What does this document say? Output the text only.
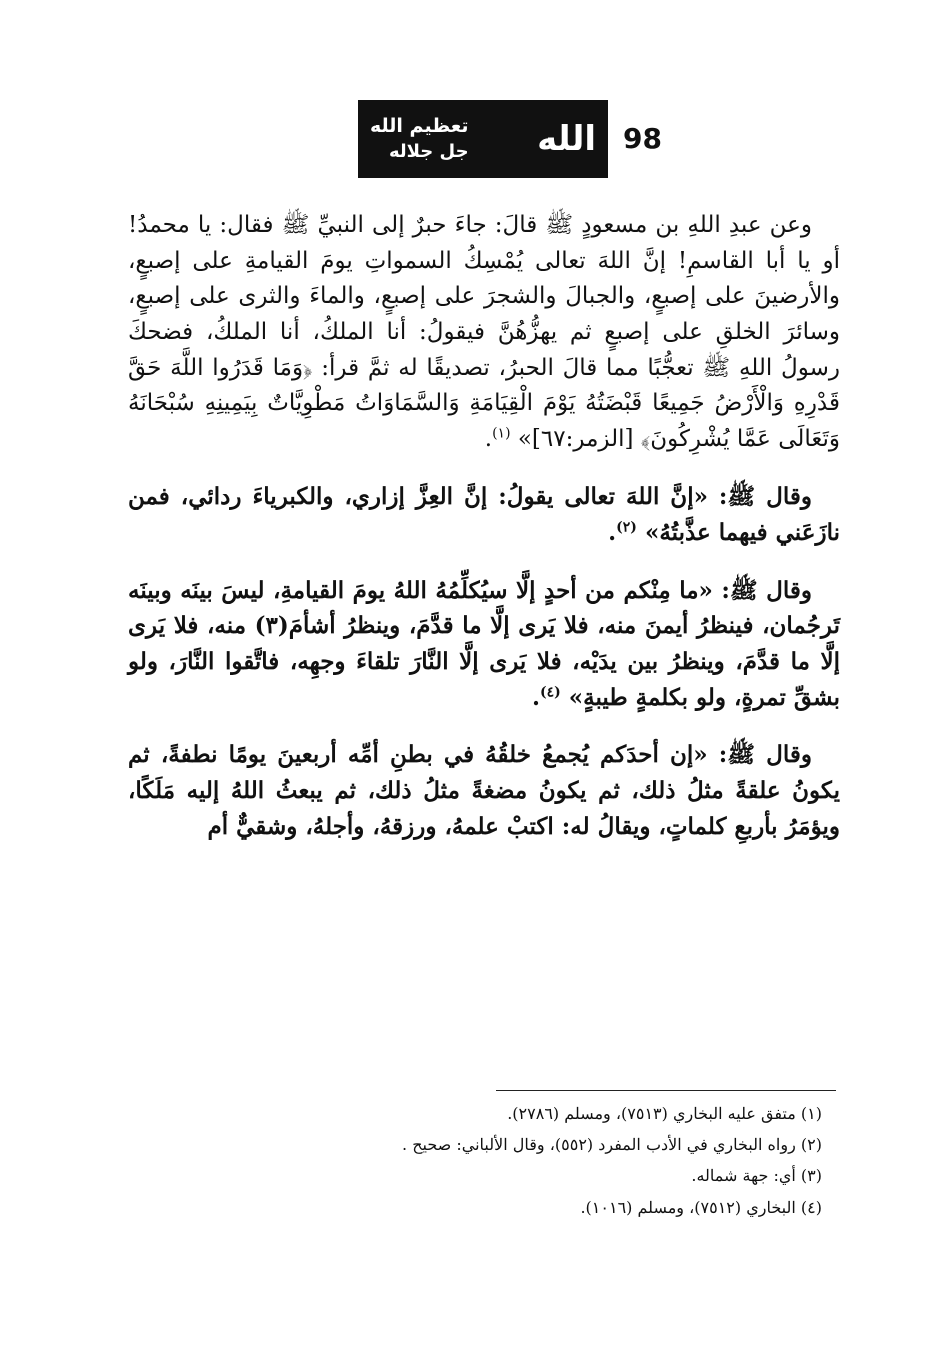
تعظيم الله
جل جلاله الله 98

وعن عبدِ اللهِ بن مسعودٍ ﷺ قالَ: جاءَ حبرٌ إلى النبيِّ ﷺ فقال: يا محمدُ! أو يا أبا القاسمِ! إنَّ اللهَ تعالى يُمْسِكُ السمواتِ يومَ القيامةِ على إصبعٍ، والأرضينَ على إصبعٍ، والجبالَ والشجرَ على إصبعٍ، والماءَ والثرى على إصبعٍ، وسائرَ الخلقِ على إصبعٍ ثم يهزُّهُنَّ فيقولُ: أنا الملكُ، أنا الملكُ، فضحكَ رسولُ اللهِ ﷺ تعجُّبًا مما قالَ الحبرُ، تصديقًا له ثمَّ قرأ: ﴿وَمَا قَدَرُوا اللَّهَ حَقَّ قَدْرِهِ وَالْأَرْضُ جَمِيعًا قَبْضَتُهُ يَوْمَ الْقِيَامَةِ وَالسَّمَاوَاتُ مَطْوِيَّاتٌ بِيَمِينِهِ سُبْحَانَهُ وَتَعَالَى عَمَّا يُشْرِكُونَ﴾ [الزمر:٦٧]» $^{(١)}$.

وقال ﷺ: «إنَّ اللهَ تعالى يقولُ: إنَّ العِزَّ إزاري، والكبرياءَ ردائي، فمن نازَعَني فيهما عذَّبتُهُ» $^{(٢)}$.

وقال ﷺ: «ما مِنْكم من أحدٍ إلَّا سيُكلِّمُهُ اللهُ يومَ القيامةِ، ليسَ بينَه وبينَه تَرجُمان، فينظرُ أيمنَ منه، فلا يَرى إلَّا ما قدَّمَ، وينظرُ أشأمَ(٣) منه، فلا يَرى إلَّا ما قدَّمَ، وينظرُ بين يدَيْه، فلا يَرى إلَّا النَّارَ تلقاءَ وجهِه، فاتَّقوا النَّارَ، ولو بشقِّ تمرةٍ، ولو بكلمةٍ طيبةٍ» $^{(٤)}$.

وقال ﷺ: «إن أحدَكم يُجمعُ خلقُهُ في بطنِ أمِّه أربعينَ يومًا نطفةً، ثم يكونُ علقةً مثلُ ذلك، ثم يكونُ مضغةً مثلُ ذلك، ثم يبعثُ اللهُ إليه مَلَكًا، ويؤمَرُ بأربعِ كلماتٍ، ويقالُ له: اكتبْ علمهُ، ورزقهُ، وأجلهُ، وشقيٌّ أم

(١) متفق عليه البخاري (٧٥١٣)، ومسلم (٢٧٨٦).
(٢) رواه البخاري في الأدب المفرد (٥٥٢)، وقال الألباني: صحيح .
(٣) أي: جهة شماله.
(٤) البخاري (٧٥١٢)، ومسلم (١٠١٦).
